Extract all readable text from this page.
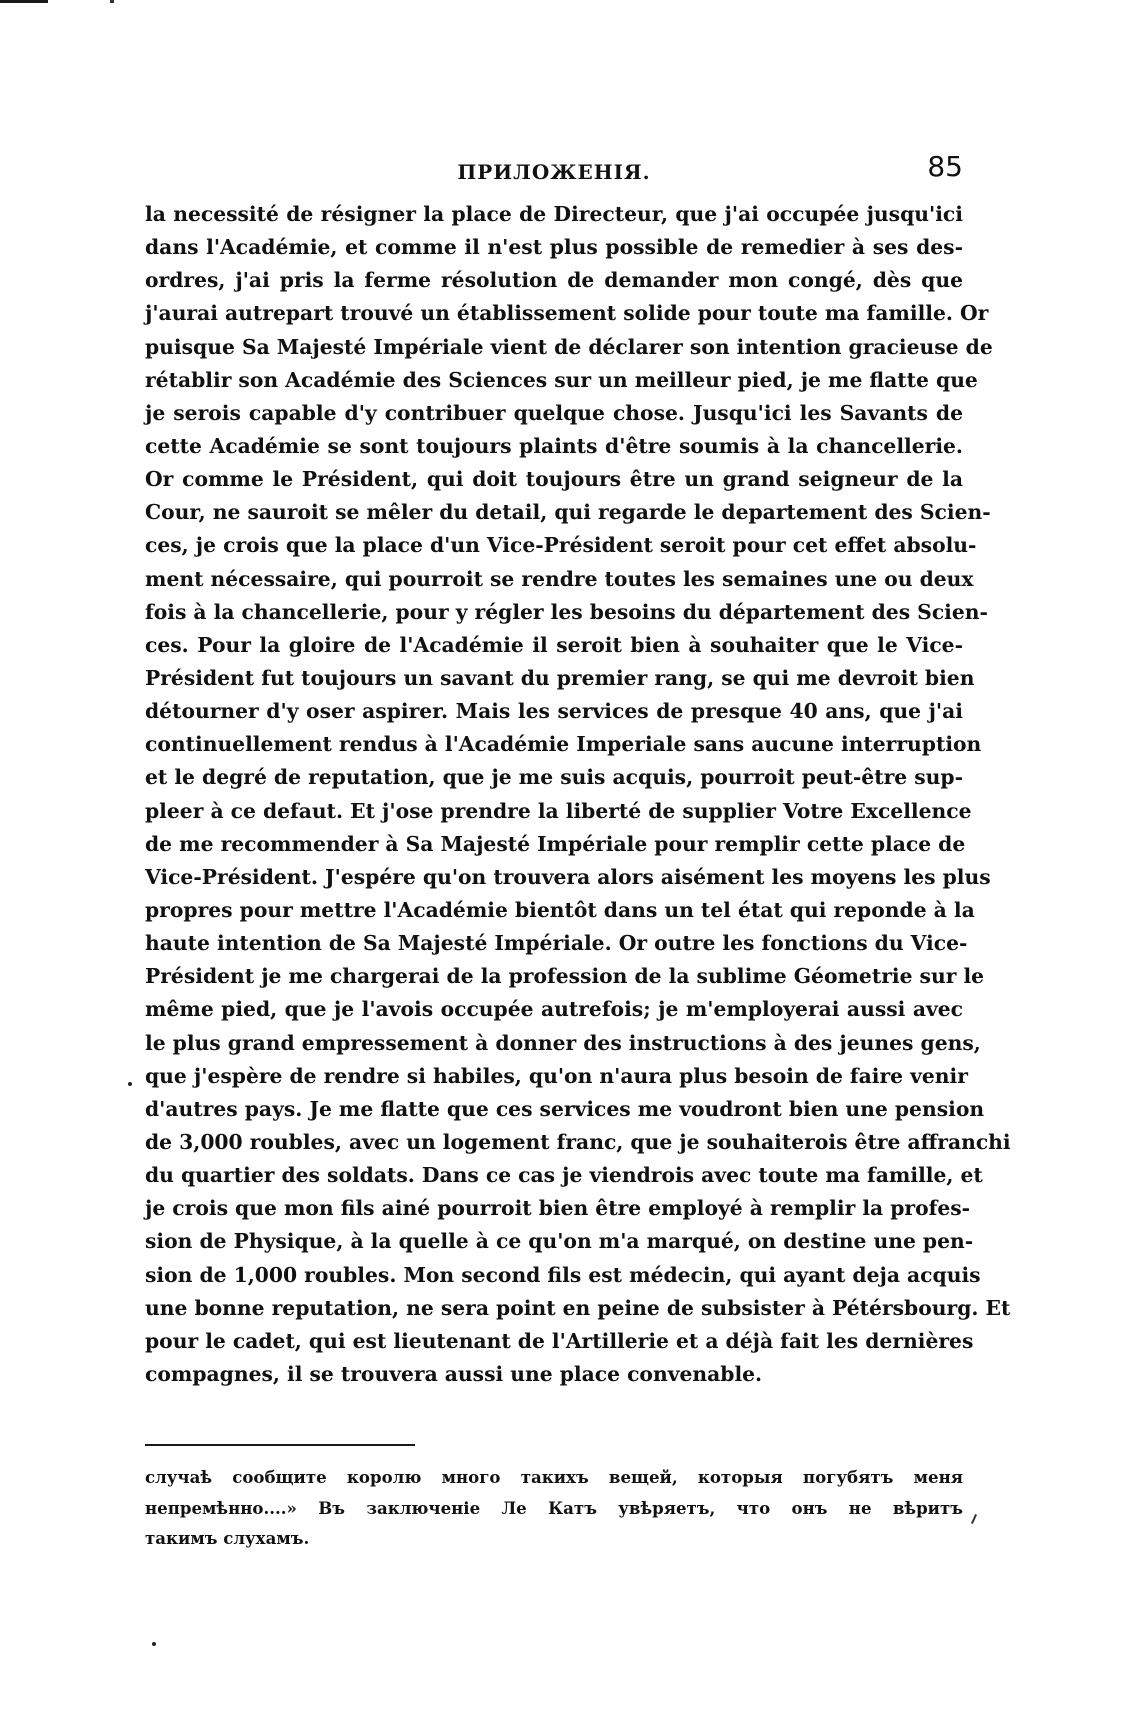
ПРИЛОЖЕНІЯ.	85
la necessité de résigner la place de Directeur, que j'ai occupée jusqu'ici
dans l'Académie, et comme il n'est plus possible de remedier à ses des-
ordres, j'ai pris la ferme résolution de demander mon congé, dès que
j'aurai autrepart trouvé un établissement solide pour toute ma famille. Or
puisque Sa Majesté Impériale vient de déclarer son intention gracieuse de
rétablir son Académie des Sciences sur un meilleur pied, je me flatte que
je serois capable d'y contribuer quelque chose. Jusqu'ici les Savants de
cette Académie se sont toujours plaints d'être soumis à la chancellerie.
Or comme le Président, qui doit toujours être un grand seigneur de la
Cour, ne sauroit se mêler du detail, qui regarde le departement des Scien-
ces, je crois que la place d'un Vice-Président seroit pour cet effet absolu-
ment nécessaire, qui pourroit se rendre toutes les semaines une ou deux
fois à la chancellerie, pour y régler les besoins du département des Scien-
ces. Pour la gloire de l'Académie il seroit bien à souhaiter que le Vice-
Président fut toujours un savant du premier rang, se qui me devroit bien
détourner d'y oser aspirer. Mais les services de presque 40 ans, que j'ai
continuellement rendus à l'Académie Imperiale sans aucune interruption
et le degré de reputation, que je me suis acquis, pourroit peut-être sup-
pleer à ce defaut. Et j'ose prendre la liberté de supplier Votre Excellence
de me recommender à Sa Majesté Impériale pour remplir cette place de
Vice-Président. J'espére qu'on trouvera alors aisément les moyens les plus
propres pour mettre l'Académie bientôt dans un tel état qui reponde à la
haute intention de Sa Majesté Impériale. Or outre les fonctions du Vice-
Président je me chargerai de la profession de la sublime Géometrie sur le
même pied, que je l'avois occupée autrefois; je m'employerai aussi avec
le plus grand empressement à donner des instructions à des jeunes gens,
que j'espère de rendre si habiles, qu'on n'aura plus besoin de faire venir
d'autres pays. Je me flatte que ces services me voudront bien une pension
de 3,000 roubles, avec un logement franc, que je souhaiterois être affranchi
du quartier des soldats. Dans ce cas je viendrois avec toute ma famille, et
je crois que mon fils ainé pourroit bien être employé à remplir la profes-
sion de Physique, à la quelle à ce qu'on m'a marqué, on destine une pen-
sion de 1,000 roubles. Mon second fils est médecin, qui ayant deja acquis
une bonne reputation, ne sera point en peine de subsister à Pétérsbourg. Et
pour le cadet, qui est lieutenant de l'Artillerie et a déjà fait les dernières
compagnes, il se trouvera aussi une place convenable.
случаѣ сообщите королю много такихъ вещей, которыя погубятъ меня
непремѣнно....» Въ заключеніе Ле Катъ увѣряетъ, что онъ не вѣритъ
такимъ слухамъ.
